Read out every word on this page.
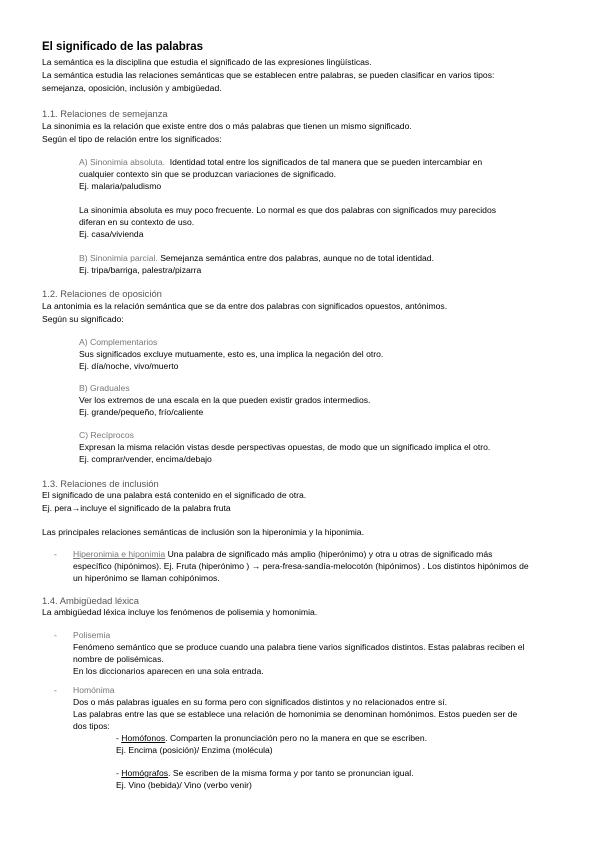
El significado de las palabras
La semántica es la disciplina que estudia el significado de las expresiones lingüísticas.
La semántica estudia las relaciones semánticas que se establecen entre palabras, se pueden clasificar en varios tipos:
semejanza, oposición, inclusión y ambigüedad.
1.1. Relaciones de semejanza
La sinonimia es la relación que existe entre dos o más palabras que tienen un mismo significado.
Según el tipo de relación entre los significados:
A) Sinonimia absoluta. Identidad total entre los significados de tal manera que se pueden intercambiar en
cualquier contexto sin que se produzcan variaciones de significado.
Ej. malaria/paludismo
La sinonimia absoluta es muy poco frecuente. Lo normal es que dos palabras con significados muy parecidos
diferan en su contexto de uso.
Ej. casa/vivienda
B) Sinonimia parcial. Semejanza semántica entre dos palabras, aunque no de total identidad.
Ej. tripa/barriga, palestra/pizarra
1.2. Relaciones de oposición
La antonimia es la relación semántica que se da entre dos palabras con significados opuestos, antónimos.
Según su significado:
A) Complementarios
Sus significados excluye mutuamente, esto es, una implica la negación del otro.
Ej. día/noche, vivo/muerto
B) Graduales
Ver los extremos de una escala en la que pueden existir grados intermedios.
Ej. grande/pequeño, frío/caliente
C) Recíprocos
Expresan la misma relación vistas desde perspectivas opuestas, de modo que un significado implica el otro.
Ej. comprar/vender, encima/debajo
1.3. Relaciones de inclusión
El significado de una palabra está contenido en el significado de otra.
Ej. pera→incluye el significado de la palabra fruta
Las principales relaciones semánticas de inclusión son la hiperonimia y la hiponimia.
- Hiperonimia e hiponimia Una palabra de significado más amplio (hiperónimo) y otra u otras de significado más
específico (hipónimos). Ej. Fruta (hiperónimo ) → pera-fresa-sandía-melocotón (hipónimos) . Los distintos hipónimos de
un hiperónimo se llaman cohipónimos.
1.4. Ambigüedad léxica
La ambigüedad léxica incluye los fenómenos de polisemia y homonimia.
- Polisemia
Fenómeno semántico que se produce cuando una palabra tiene varios significados distintos. Estas palabras reciben el
nombre de polisémicas.
En los diccionarios aparecen en una sola entrada.
- Homónima
Dos o más palabras iguales en su forma pero con significados distintos y no relacionados entre sí.
Las palabras entre las que se establece una relación de homonimia se denominan homónimos. Estos pueden ser de
dos tipos:
- Homófonos. Comparten la pronunciación pero no la manera en que se escriben.
Ej. Encima (posición)/ Enzima (molécula)
- Homógrafos. Se escriben de la misma forma y por tanto se pronuncian igual.
Ej. Vino (bebida)/ Vino (verbo venir)
